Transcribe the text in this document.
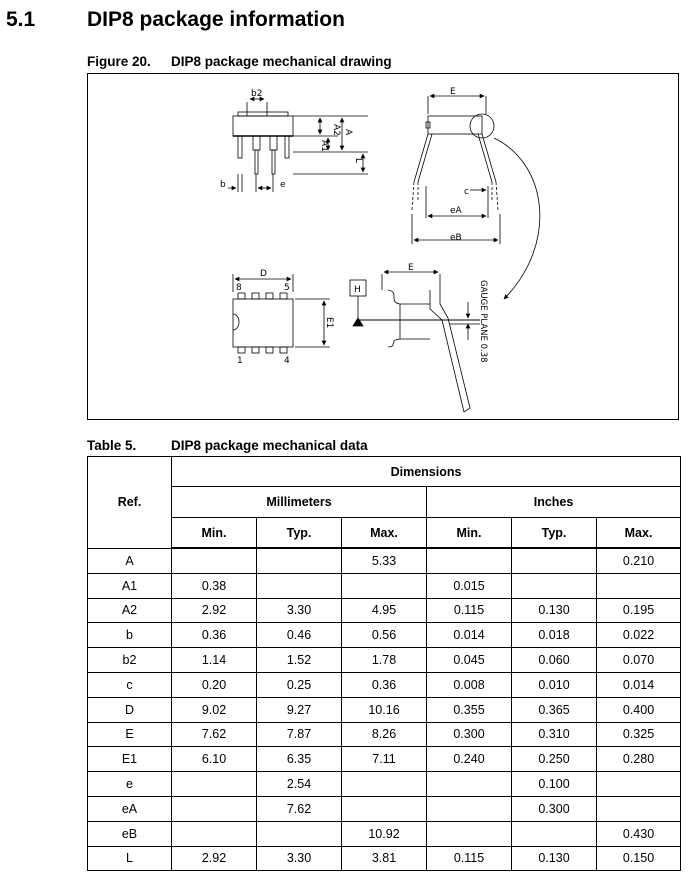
5.1 DIP8 package information
Figure 20. DIP8 package mechanical drawing
b2
A2 A
A1
L
b	e
E
c
eA
eB
D
8	5
1	4
E1
H
E
GAUGE PLANE 0.38
Table 5.	DIP8 package mechanical data
Ref.	Dimensions					
	Millimeters			Inches		
	Min.	Typ.	Max.	Min.	Typ.	Max.
A			5.33			0.210
A1	0.38			0.015		
A2	2.92	3.30	4.95	0.115	0.130	0.195
b	0.36	0.46	0.56	0.014	0.018	0.022
b2	1.14	1.52	1.78	0.045	0.060	0.070
c	0.20	0.25	0.36	0.008	0.010	0.014
D	9.02	9.27	10.16	0.355	0.365	0.400
E	7.62	7.87	8.26	0.300	0.310	0.325
E1	6.10	6.35	7.11	0.240	0.250	0.280
e		2.54			0.100	
eA		7.62			0.300	
eB			10.92			0.430
L	2.92	3.30	3.81	0.115	0.130	0.150
